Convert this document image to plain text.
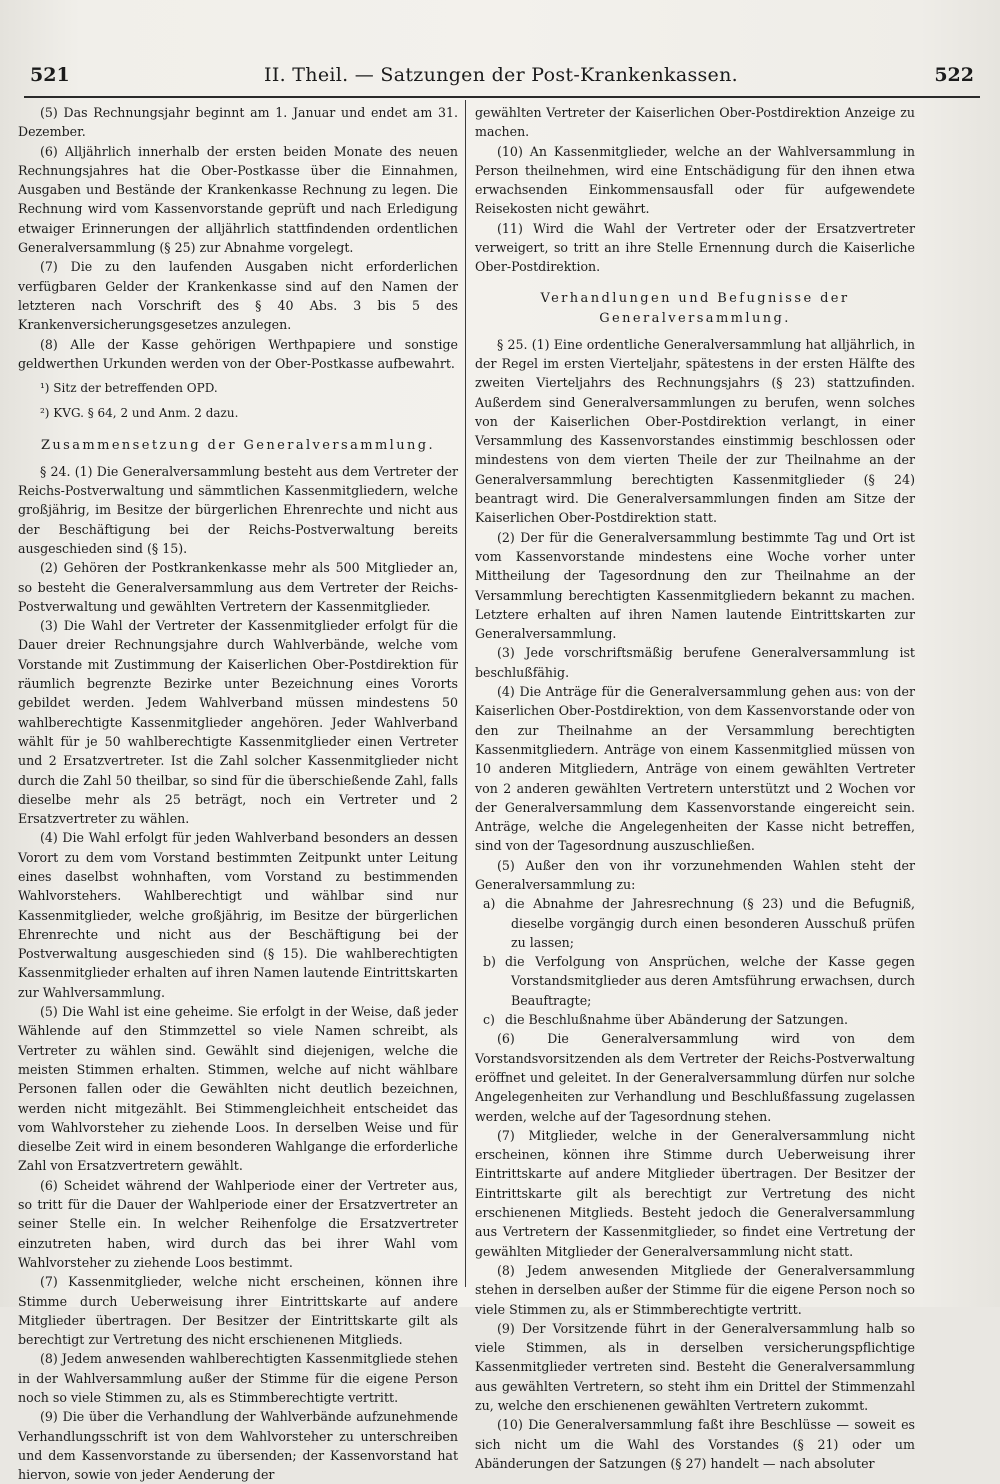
521	II. Theil. — Satzungen der Post-Krankenkassen.	522

(5) Das Rechnungsjahr beginnt am 1. Januar und endet am 31. Dezember.

(6) Alljährlich innerhalb der ersten beiden Monate des neuen Rechnungsjahres hat die Ober-Postkasse über die Einnahmen, Ausgaben und Bestände der Krankenkasse Rechnung zu legen. Die Rechnung wird vom Kassenvorstande geprüft und nach Erledigung etwaiger Erinnerungen der alljährlich stattfindenden ordentlichen Generalversammlung (§ 25) zur Abnahme vorgelegt.

(7) Die zu den laufenden Ausgaben nicht erforderlichen verfügbaren Gelder der Krankenkasse sind auf den Namen der letzteren nach Vorschrift des § 40 Abs. 3 bis 5 des Krankenversicherungsgesetzes anzulegen.

(8) Alle der Kasse gehörigen Werthpapiere und sonstige geldwerthen Urkunden werden von der Ober-Postkasse aufbewahrt.

¹) Sitz der betreffenden OPD.
²) KVG. § 64, 2 und Anm. 2 dazu.
Zusammensetzung der Generalversammlung.

§ 24. (1) Die Generalversammlung besteht aus dem Vertreter der Reichs-Postverwaltung und sämmtlichen Kassenmitgliedern, welche großjährig, im Besitze der bürgerlichen Ehrenrechte und nicht aus der Beschäftigung bei der Reichs-Postverwaltung bereits ausgeschieden sind (§ 15).

(2) Gehören der Postkrankenkasse mehr als 500 Mitglieder an, so besteht die Generalversammlung aus dem Vertreter der Reichs-Postverwaltung und gewählten Vertretern der Kassenmitglieder.

(3) Die Wahl der Vertreter der Kassenmitglieder erfolgt für die Dauer dreier Rechnungsjahre durch Wahlverbände, welche vom Vorstande mit Zustimmung der Kaiserlichen Ober-Postdirektion für räumlich begrenzte Bezirke unter Bezeichnung eines Vororts gebildet werden. Jedem Wahlverband müssen mindestens 50 wahlberechtigte Kassenmitglieder angehören. Jeder Wahlverband wählt für je 50 wahlberechtigte Kassenmitglieder einen Vertreter und 2 Ersatzvertreter. Ist die Zahl solcher Kassenmitglieder nicht durch die Zahl 50 theilbar, so sind für die überschießende Zahl, falls dieselbe mehr als 25 beträgt, noch ein Vertreter und 2 Ersatzvertreter zu wählen.

(4) Die Wahl erfolgt für jeden Wahlverband besonders an dessen Vorort zu dem vom Vorstand bestimmten Zeitpunkt unter Leitung eines daselbst wohnhaften, vom Vorstand zu bestimmenden Wahlvorstehers. Wahlberechtigt und wählbar sind nur Kassenmitglieder, welche großjährig, im Besitze der bürgerlichen Ehrenrechte und nicht aus der Beschäftigung bei der Postverwaltung ausgeschieden sind (§ 15). Die wahlberechtigten Kassenmitglieder erhalten auf ihren Namen lautende Eintrittskarten zur Wahlversammlung.

(5) Die Wahl ist eine geheime. Sie erfolgt in der Weise, daß jeder Wählende auf den Stimmzettel so viele Namen schreibt, als Vertreter zu wählen sind. Gewählt sind diejenigen, welche die meisten Stimmen erhalten. Stimmen, welche auf nicht wählbare Personen fallen oder die Gewählten nicht deutlich bezeichnen, werden nicht mitgezählt. Bei Stimmengleichheit entscheidet das vom Wahlvorsteher zu ziehende Loos. In derselben Weise und für dieselbe Zeit wird in einem besonderen Wahlgange die erforderliche Zahl von Ersatzvertretern gewählt.

(6) Scheidet während der Wahlperiode einer der Vertreter aus, so tritt für die Dauer der Wahlperiode einer der Ersatzvertreter an seiner Stelle ein. In welcher Reihenfolge die Ersatzvertreter einzutreten haben, wird durch das bei ihrer Wahl vom Wahlvorsteher zu ziehende Loos bestimmt.

(7) Kassenmitglieder, welche nicht erscheinen, können ihre Stimme durch Ueberweisung ihrer Eintrittskarte auf andere Mitglieder übertragen. Der Besitzer der Eintrittskarte gilt als berechtigt zur Vertretung des nicht erschienenen Mitglieds.

(8) Jedem anwesenden wahlberechtigten Kassenmitgliede stehen in der Wahlversammlung außer der Stimme für die eigene Person noch so viele Stimmen zu, als es Stimmberechtigte vertritt.

(9) Die über die Verhandlung der Wahlverbände aufzunehmende Verhandlungsschrift ist von dem Wahlvorsteher zu unterschreiben und dem Kassenvorstande zu übersenden; der Kassenvorstand hat hiervon, sowie von jeder Aenderung der

gewählten Vertreter der Kaiserlichen Ober-Postdirektion Anzeige zu machen.

(10) An Kassenmitglieder, welche an der Wahlversammlung in Person theilnehmen, wird eine Entschädigung für den ihnen etwa erwachsenden Einkommensausfall oder für aufgewendete Reisekosten nicht gewährt.

(11) Wird die Wahl der Vertreter oder der Ersatzvertreter verweigert, so tritt an ihre Stelle Ernennung durch die Kaiserliche Ober-Postdirektion.

Verhandlungen und Befugnisse der Generalversammlung.

§ 25. (1) Eine ordentliche Generalversammlung hat alljährlich, in der Regel im ersten Vierteljahr, spätestens in der ersten Hälfte des zweiten Vierteljahrs des Rechnungsjahrs (§ 23) stattzufinden. Außerdem sind Generalversammlungen zu berufen, wenn solches von der Kaiserlichen Ober-Postdirektion verlangt, in einer Versammlung des Kassenvorstandes einstimmig beschlossen oder mindestens von dem vierten Theile der zur Theilnahme an der Generalversammlung berechtigten Kassenmitglieder (§ 24) beantragt wird. Die Generalversammlungen finden am Sitze der Kaiserlichen Ober-Postdirektion statt.

(2) Der für die Generalversammlung bestimmte Tag und Ort ist vom Kassenvorstande mindestens eine Woche vorher unter Mittheilung der Tagesordnung den zur Theilnahme an der Versammlung berechtigten Kassenmitgliedern bekannt zu machen. Letztere erhalten auf ihren Namen lautende Eintrittskarten zur Generalversammlung.

(3) Jede vorschriftsmäßig berufene Generalversammlung ist beschlußfähig.

(4) Die Anträge für die Generalversammlung gehen aus: von der Kaiserlichen Ober-Postdirektion, von dem Kassenvorstande oder von den zur Theilnahme an der Versammlung berechtigten Kassenmitgliedern. Anträge von einem Kassenmitglied müssen von 10 anderen Mitgliedern, Anträge von einem gewählten Vertreter von 2 anderen gewählten Vertretern unterstützt und 2 Wochen vor der Generalversammlung dem Kassenvorstande eingereicht sein. Anträge, welche die Angelegenheiten der Kasse nicht betreffen, sind von der Tagesordnung auszuschließen.

(5) Außer den von ihr vorzunehmenden Wahlen steht der Generalversammlung zu:

a) die Abnahme der Jahresrechnung (§ 23) und die Befugniß, dieselbe vorgängig durch einen besonderen Ausschuß prüfen zu lassen;

b) die Verfolgung von Ansprüchen, welche der Kasse gegen Vorstandsmitglieder aus deren Amtsführung erwachsen, durch Beauftragte;

c) die Beschlußnahme über Abänderung der Satzungen.

(6) Die Generalversammlung wird von dem Vorstandsvorsitzenden als dem Vertreter der Reichs-Postverwaltung eröffnet und geleitet. In der Generalversammlung dürfen nur solche Angelegenheiten zur Verhandlung und Beschlußfassung zugelassen werden, welche auf der Tagesordnung stehen.

(7) Mitglieder, welche in der Generalversammlung nicht erscheinen, können ihre Stimme durch Ueberweisung ihrer Eintrittskarte auf andere Mitglieder übertragen. Der Besitzer der Eintrittskarte gilt als berechtigt zur Vertretung des nicht erschienenen Mitglieds. Besteht jedoch die Generalversammlung aus Vertretern der Kassenmitglieder, so findet eine Vertretung der gewählten Mitglieder der Generalversammlung nicht statt.

(8) Jedem anwesenden Mitgliede der Generalversammlung stehen in derselben außer der Stimme für die eigene Person noch so viele Stimmen zu, als er Stimmberechtigte vertritt.

(9) Der Vorsitzende führt in der Generalversammlung halb so viele Stimmen, als in derselben versicherungspflichtige Kassenmitglieder vertreten sind. Besteht die Generalversammlung aus gewählten Vertretern, so steht ihm ein Drittel der Stimmenzahl zu, welche den erschienenen gewählten Vertretern zukommt.

(10) Die Generalversammlung faßt ihre Beschlüsse — soweit es sich nicht um die Wahl des Vorstandes (§ 21) oder um Abänderungen der Satzungen (§ 27) handelt — nach absoluter
